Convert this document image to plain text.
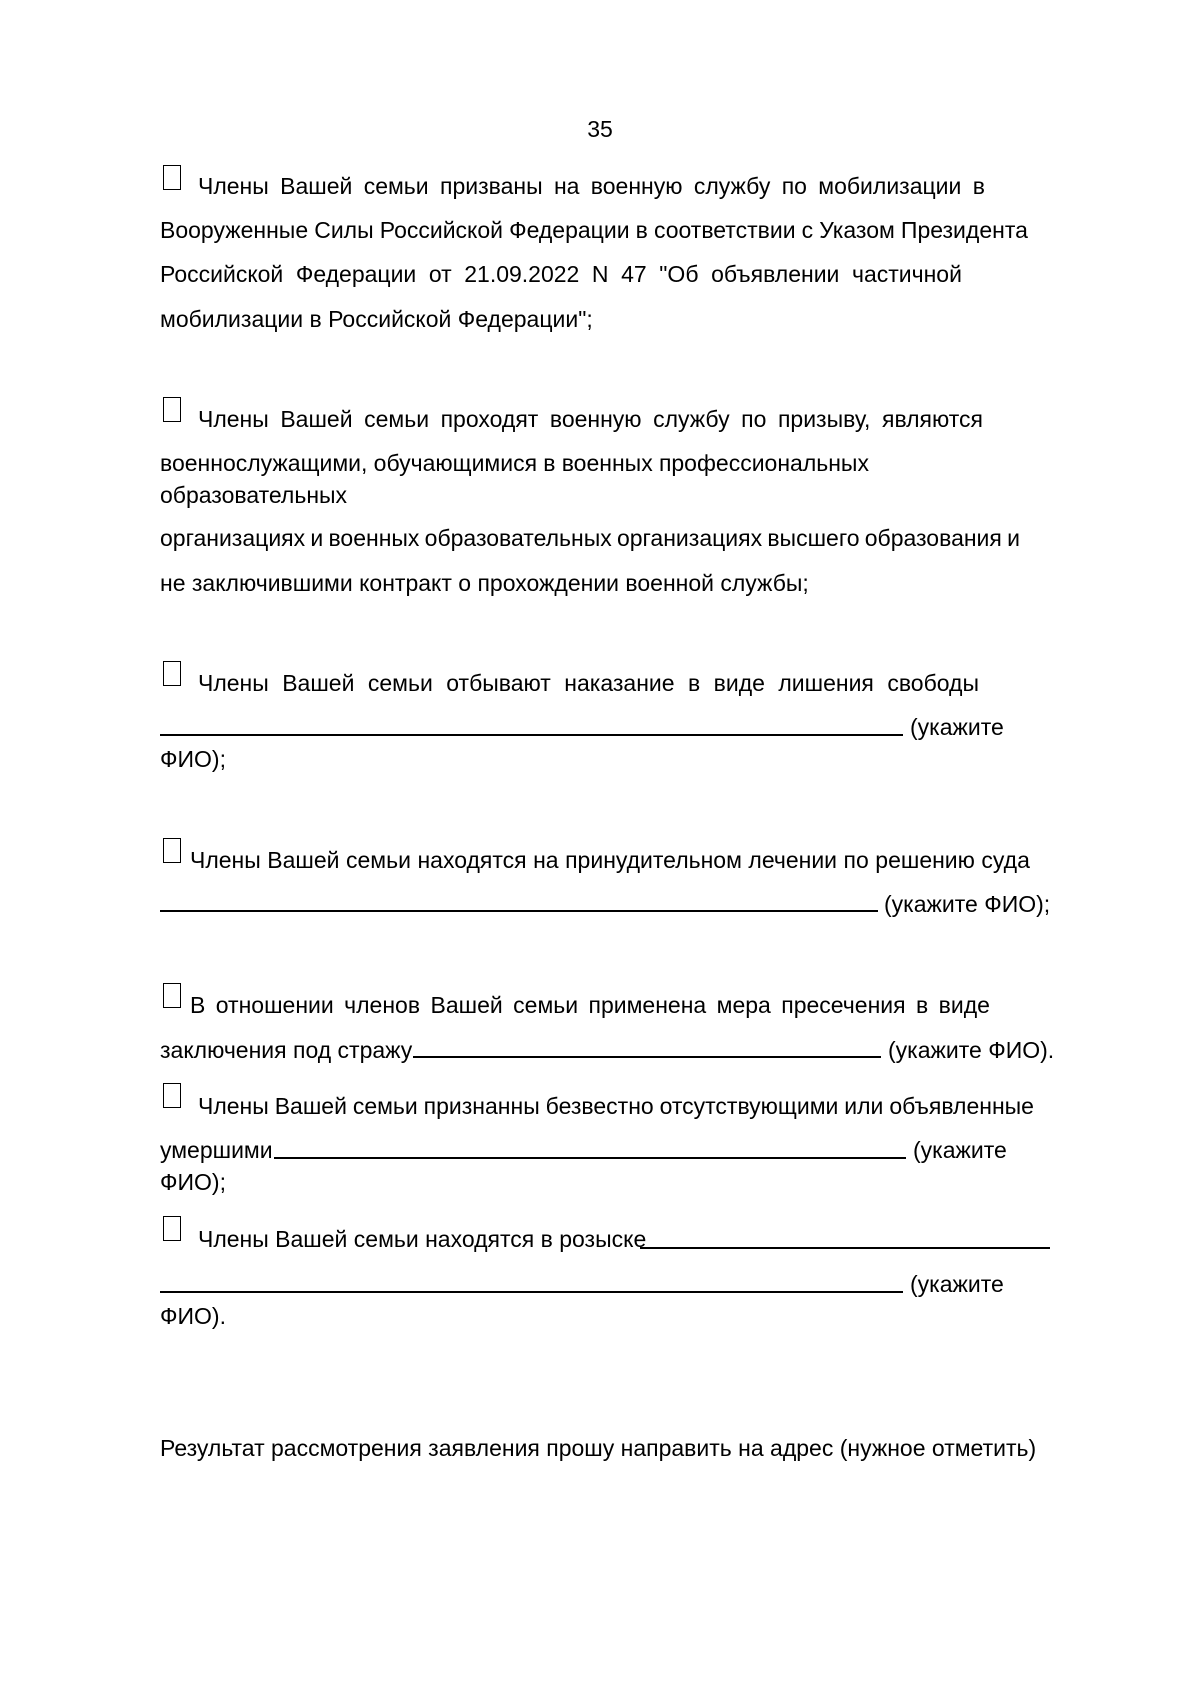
35
Члены Вашей семьи призваны на военную службу по мобилизации в
Вооруженные Силы Российской Федерации в соответствии с Указом Президента
Российской Федерации от 21.09.2022 N 47 "Об объявлении частичной
мобилизации в Российской Федерации";
Члены Вашей семьи проходят военную службу по призыву, являются
военнослужащими, обучающимися в военных профессиональных
образовательных
организациях и военных образовательных организациях высшего образования и
не заключившими контракт о прохождении военной службы;
Члены Вашей семьи отбывают наказание в виде лишения свободы
(укажите
ФИО);
Члены Вашей семьи находятся на принудительном лечении по решению суда
(укажите ФИО);
В отношении членов Вашей семьи применена мера пресечения в виде
заключения под стражу	(укажите ФИО).
Члены Вашей семьи признанны безвестно отсутствующими или объявленные
умершими	(укажите
ФИО);
Члены Вашей семьи находятся в розыске
(укажите
ФИО).
Результат рассмотрения заявления прошу направить на адрес (нужное отметить)
